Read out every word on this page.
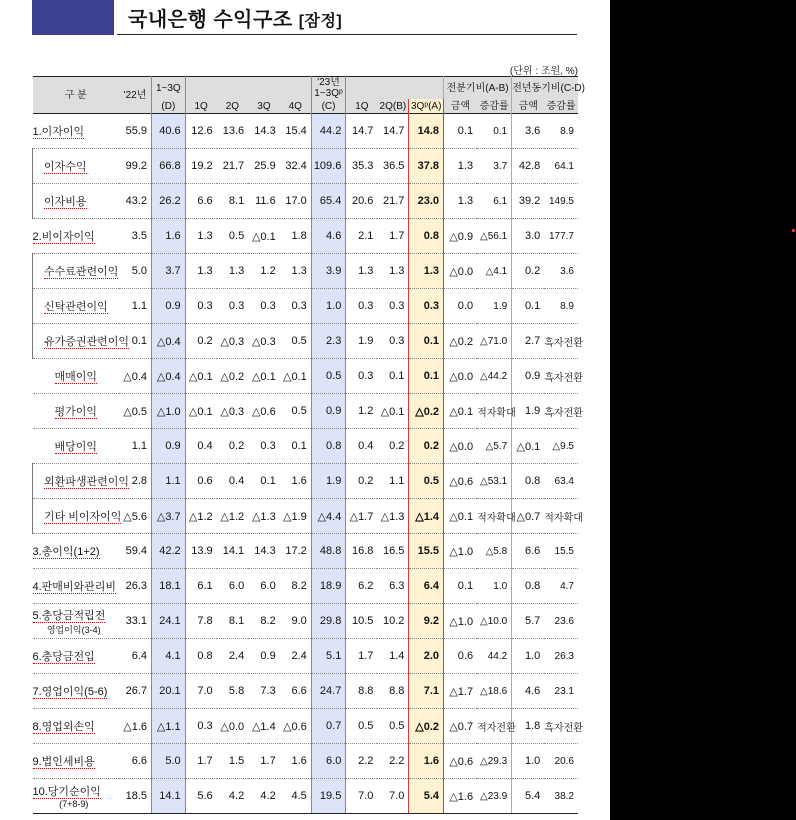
국내은행 수익구조 [잠정]
(단위 : 조원, %)
구 분	'22년	1~3Q					'23년
1~3Qᵖ				전분기비(A-B)		전년동기비(C-D)	
		(D)	1Q	2Q	3Q	4Q	(C)	1Q	2Q(B)	3Qᵖ(A)	금액	증감률	금액	증감률
1.이자이익	55.9	40.6	12.6	13.6	14.3	15.4	44.2	14.7	14.7	14.8	0.1	0.1	3.6	8.9
이자수익	99.2	66.8	19.2	21.7	25.9	32.4	109.6	35.3	36.5	37.8	1.3	3.7	42.8	64.1
이자비용	43.2	26.2	6.6	8.1	11.6	17.0	65.4	20.6	21.7	23.0	1.3	6.1	39.2	149.5
2.비이자이익	3.5	1.6	1.3	0.5	△0.1	1.8	4.6	2.1	1.7	0.8	△0.9	△56.1	3.0	177.7
수수료관련이익	5.0	3.7	1.3	1.3	1.2	1.3	3.9	1.3	1.3	1.3	△0.0	△4.1	0.2	3.6
신탁관련이익	1.1	0.9	0.3	0.3	0.3	0.3	1.0	0.3	0.3	0.3	0.0	1.9	0.1	8.9
유가증권관련이익	0.1	△0.4	0.2	△0.3	△0.3	0.5	2.3	1.9	0.3	0.1	△0.2	△71.0	2.7	흑자전환
매매이익	△0.4	△0.4	△0.1	△0.2	△0.1	△0.1	0.5	0.3	0.1	0.1	△0.0	△44.2	0.9	흑자전환
평가이익	△0.5	△1.0	△0.1	△0.3	△0.6	0.5	0.9	1.2	△0.1	△0.2	△0.1	적자확대	1.9	흑자전환
배당이익	1.1	0.9	0.4	0.2	0.3	0.1	0.8	0.4	0.2	0.2	△0.0	△5.7	△0.1	△9.5
외환파생관련이익	2.8	1.1	0.6	0.4	0.1	1.6	1.9	0.2	1.1	0.5	△0.6	△53.1	0.8	63.4
기타 비이자이익	△5.6	△3.7	△1.2	△1.2	△1.3	△1.9	△4.4	△1.7	△1.3	△1.4	△0.1	적자확대	△0.7	적자확대
3.총이익(1+2)	59.4	42.2	13.9	14.1	14.3	17.2	48.8	16.8	16.5	15.5	△1.0	△5.8	6.6	15.5
4.판매비와관리비	26.3	18.1	6.1	6.0	6.0	8.2	18.9	6.2	6.3	6.4	0.1	1.0	0.8	4.7
5.충당금적립전
영업이익(3-4)	33.1	24.1	7.8	8.1	8.2	9.0	29.8	10.5	10.2	9.2	△1.0	△10.0	5.7	23.6
6.충당금전입	6.4	4.1	0.8	2.4	0.9	2.4	5.1	1.7	1.4	2.0	0.6	44.2	1.0	26.3
7.영업이익(5-6)	26.7	20.1	7.0	5.8	7.3	6.6	24.7	8.8	8.8	7.1	△1.7	△18.6	4.6	23.1
8.영업외손익	△1.6	△1.1	0.3	△0.0	△1.4	△0.6	0.7	0.5	0.5	△0.2	△0.7	적자전환	1.8	흑자전환
9.법인세비용	6.6	5.0	1.7	1.5	1.7	1.6	6.0	2.2	2.2	1.6	△0.6	△29.3	1.0	20.6
10.당기순이익
(7+8-9)	18.5	14.1	5.6	4.2	4.2	4.5	19.5	7.0	7.0	5.4	△1.6	△23.9	5.4	38.2
